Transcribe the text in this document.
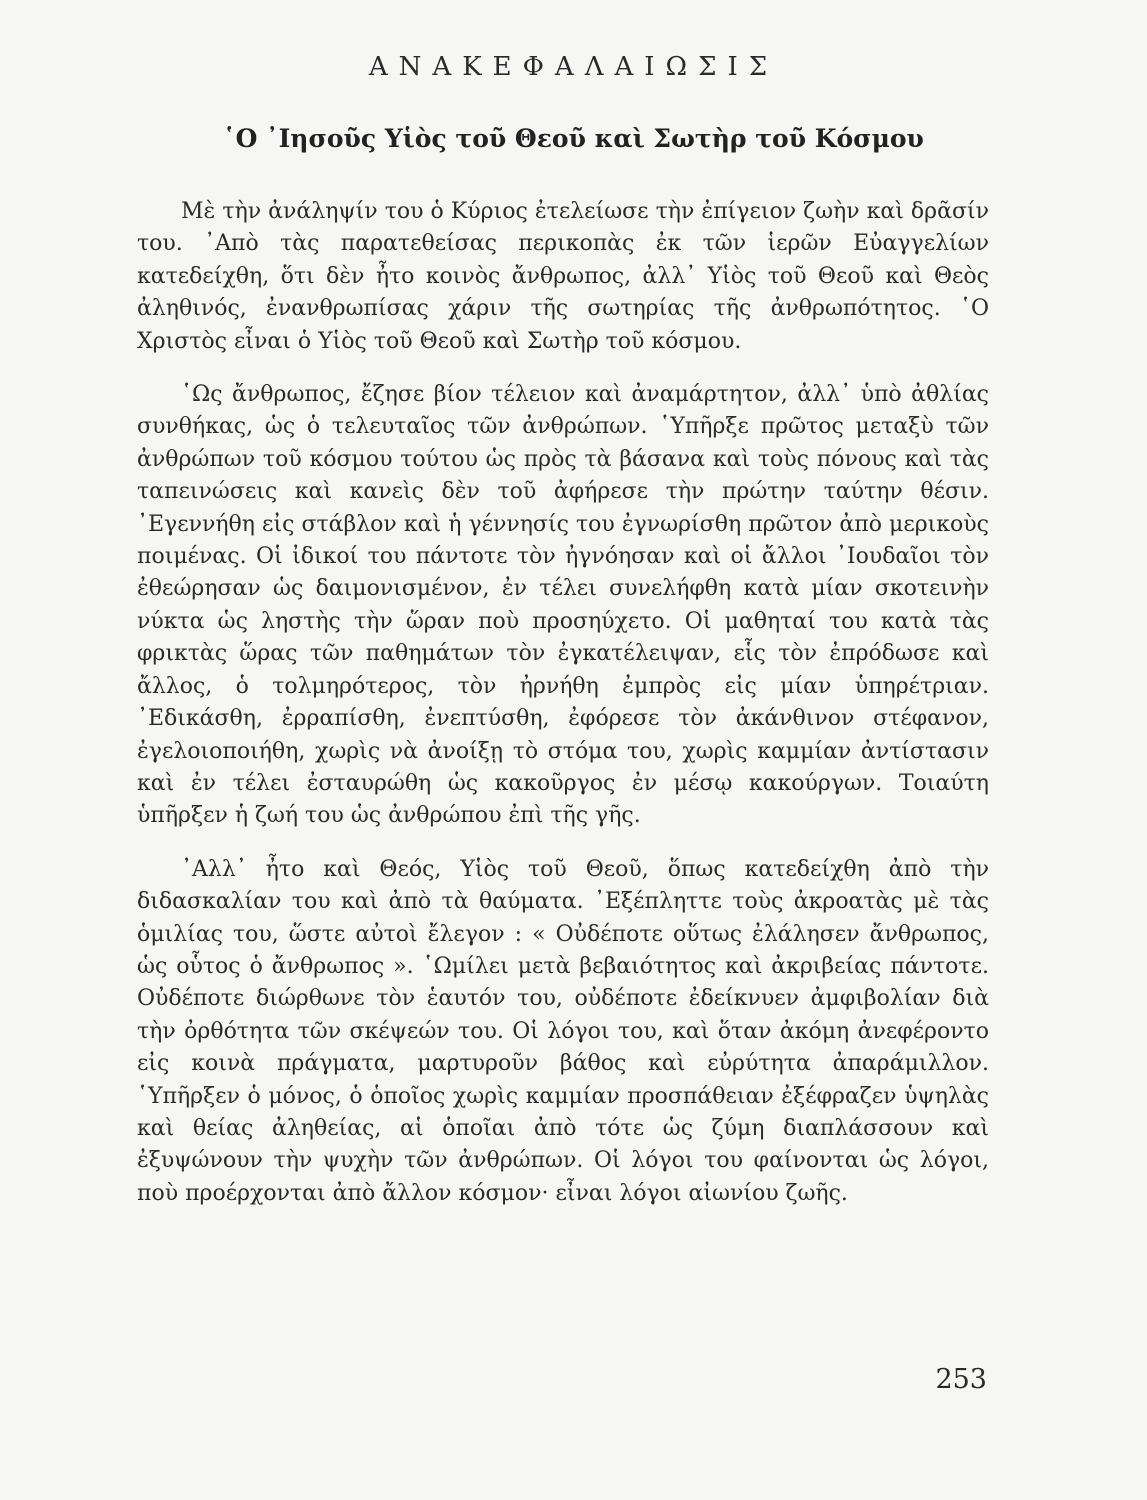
ΑΝΑΚΕΦΑΛΑΙΩΣΙΣ
῾Ο ᾿Ιησοῦς Υἱὸς τοῦ Θεοῦ καὶ Σωτὴρ τοῦ Κόσμου

Μὲ τὴν ἀνάληψίν του ὁ Κύριος ἐτελείωσε τὴν ἐπίγειον ζωὴν καὶ δρᾶσίν του. ᾿Απὸ τὰς παρατεθείσας περικοπὰς ἐκ τῶν ἱερῶν Εὐαγγελίων κατεδείχθη, ὅτι δὲν ἦτο κοινὸς ἄνθρωπος, ἀλλ᾿ Υἱὸς τοῦ Θεοῦ καὶ Θεὸς ἀληθινός, ἐνανθρωπίσας χάριν τῆς σωτηρίας τῆς ἀνθρωπότητος. ῾Ο Χριστὸς εἶναι ὁ Υἱὸς τοῦ Θεοῦ καὶ Σωτὴρ τοῦ κόσμου.

῾Ως ἄνθρωπος, ἔζησε βίον τέλειον καὶ ἀναμάρτητον, ἀλλ᾿ ὑπὸ ἀθλίας συνθήκας, ὡς ὁ τελευταῖος τῶν ἀνθρώπων. ῾Υπῆρξε πρῶτος μεταξὺ τῶν ἀνθρώπων τοῦ κόσμου τούτου ὡς πρὸς τὰ βάσανα καὶ τοὺς πόνους καὶ τὰς ταπεινώσεις καὶ κανεὶς δὲν τοῦ ἀφήρεσε τὴν πρώτην ταύτην θέσιν. ᾿Εγεννήθη εἰς στάβλον καὶ ἡ γέννησίς του ἐγνωρίσθη πρῶτον ἀπὸ μερικοὺς ποιμένας. Οἱ ἰδικοί του πάντοτε τὸν ἠγνόησαν καὶ οἱ ἄλλοι ᾿Ιουδαῖοι τὸν ἐθεώρησαν ὡς δαιμονισμένον, ἐν τέλει συνελήφθη κατὰ μίαν σκοτεινὴν νύκτα ὡς ληστὴς τὴν ὥραν ποὺ προσηύχετο. Οἱ μαθηταί του κατὰ τὰς φρικτὰς ὥρας τῶν παθημάτων τὸν ἐγκατέλειψαν, εἷς τὸν ἐπρόδωσε καὶ ἄλλος, ὁ τολμηρότερος, τὸν ἠρνήθη ἐμπρὸς εἰς μίαν ὑπηρέτριαν. ᾿Εδικάσθη, ἐρραπίσθη, ἐνεπτύσθη, ἐφόρεσε τὸν ἀκάνθινον στέφανον, ἐγελοιοποιήθη, χωρὶς νὰ ἀνοίξῃ τὸ στόμα του, χωρὶς καμμίαν ἀντίστασιν καὶ ἐν τέλει ἐσταυρώθη ὡς κακοῦργος ἐν μέσῳ κακούργων. Τοιαύτη ὑπῆρξεν ἡ ζωή του ὡς ἀνθρώπου ἐπὶ τῆς γῆς.

᾿Αλλ᾿ ἦτο καὶ Θεός, Υἱὸς τοῦ Θεοῦ, ὅπως κατεδείχθη ἀπὸ τὴν διδασκαλίαν του καὶ ἀπὸ τὰ θαύματα. ᾿Εξέπληττε τοὺς ἀκροατὰς μὲ τὰς ὁμιλίας του, ὥστε αὐτοὶ ἔλεγον : « Οὐδέποτε οὕτως ἐλάλησεν ἄνθρωπος, ὡς οὗτος ὁ ἄνθρωπος ». ῾Ωμίλει μετὰ βεβαιότητος καὶ ἀκριβείας πάντοτε. Οὐδέποτε διώρθωνε τὸν ἑαυτόν του, οὐδέποτε ἐδείκνυεν ἀμφιβολίαν διὰ τὴν ὀρθότητα τῶν σκέψεών του. Οἱ λόγοι του, καὶ ὅταν ἀκόμη ἀνεφέροντο εἰς κοινὰ πράγματα, μαρτυροῦν βάθος καὶ εὐρύτητα ἀπαράμιλλον. ῾Υπῆρξεν ὁ μόνος, ὁ ὁποῖος χωρὶς καμμίαν προσπάθειαν ἐξέφραζεν ὑψηλὰς καὶ θείας ἀληθείας, αἱ ὁποῖαι ἀπὸ τότε ὡς ζύμη διαπλάσσουν καὶ ἐξυψώνουν τὴν ψυχὴν τῶν ἀνθρώπων. Οἱ λόγοι του φαίνονται ὡς λόγοι, ποὺ προέρχονται ἀπὸ ἄλλον κόσμον· εἶναι λόγοι αἰωνίου ζωῆς.

253
